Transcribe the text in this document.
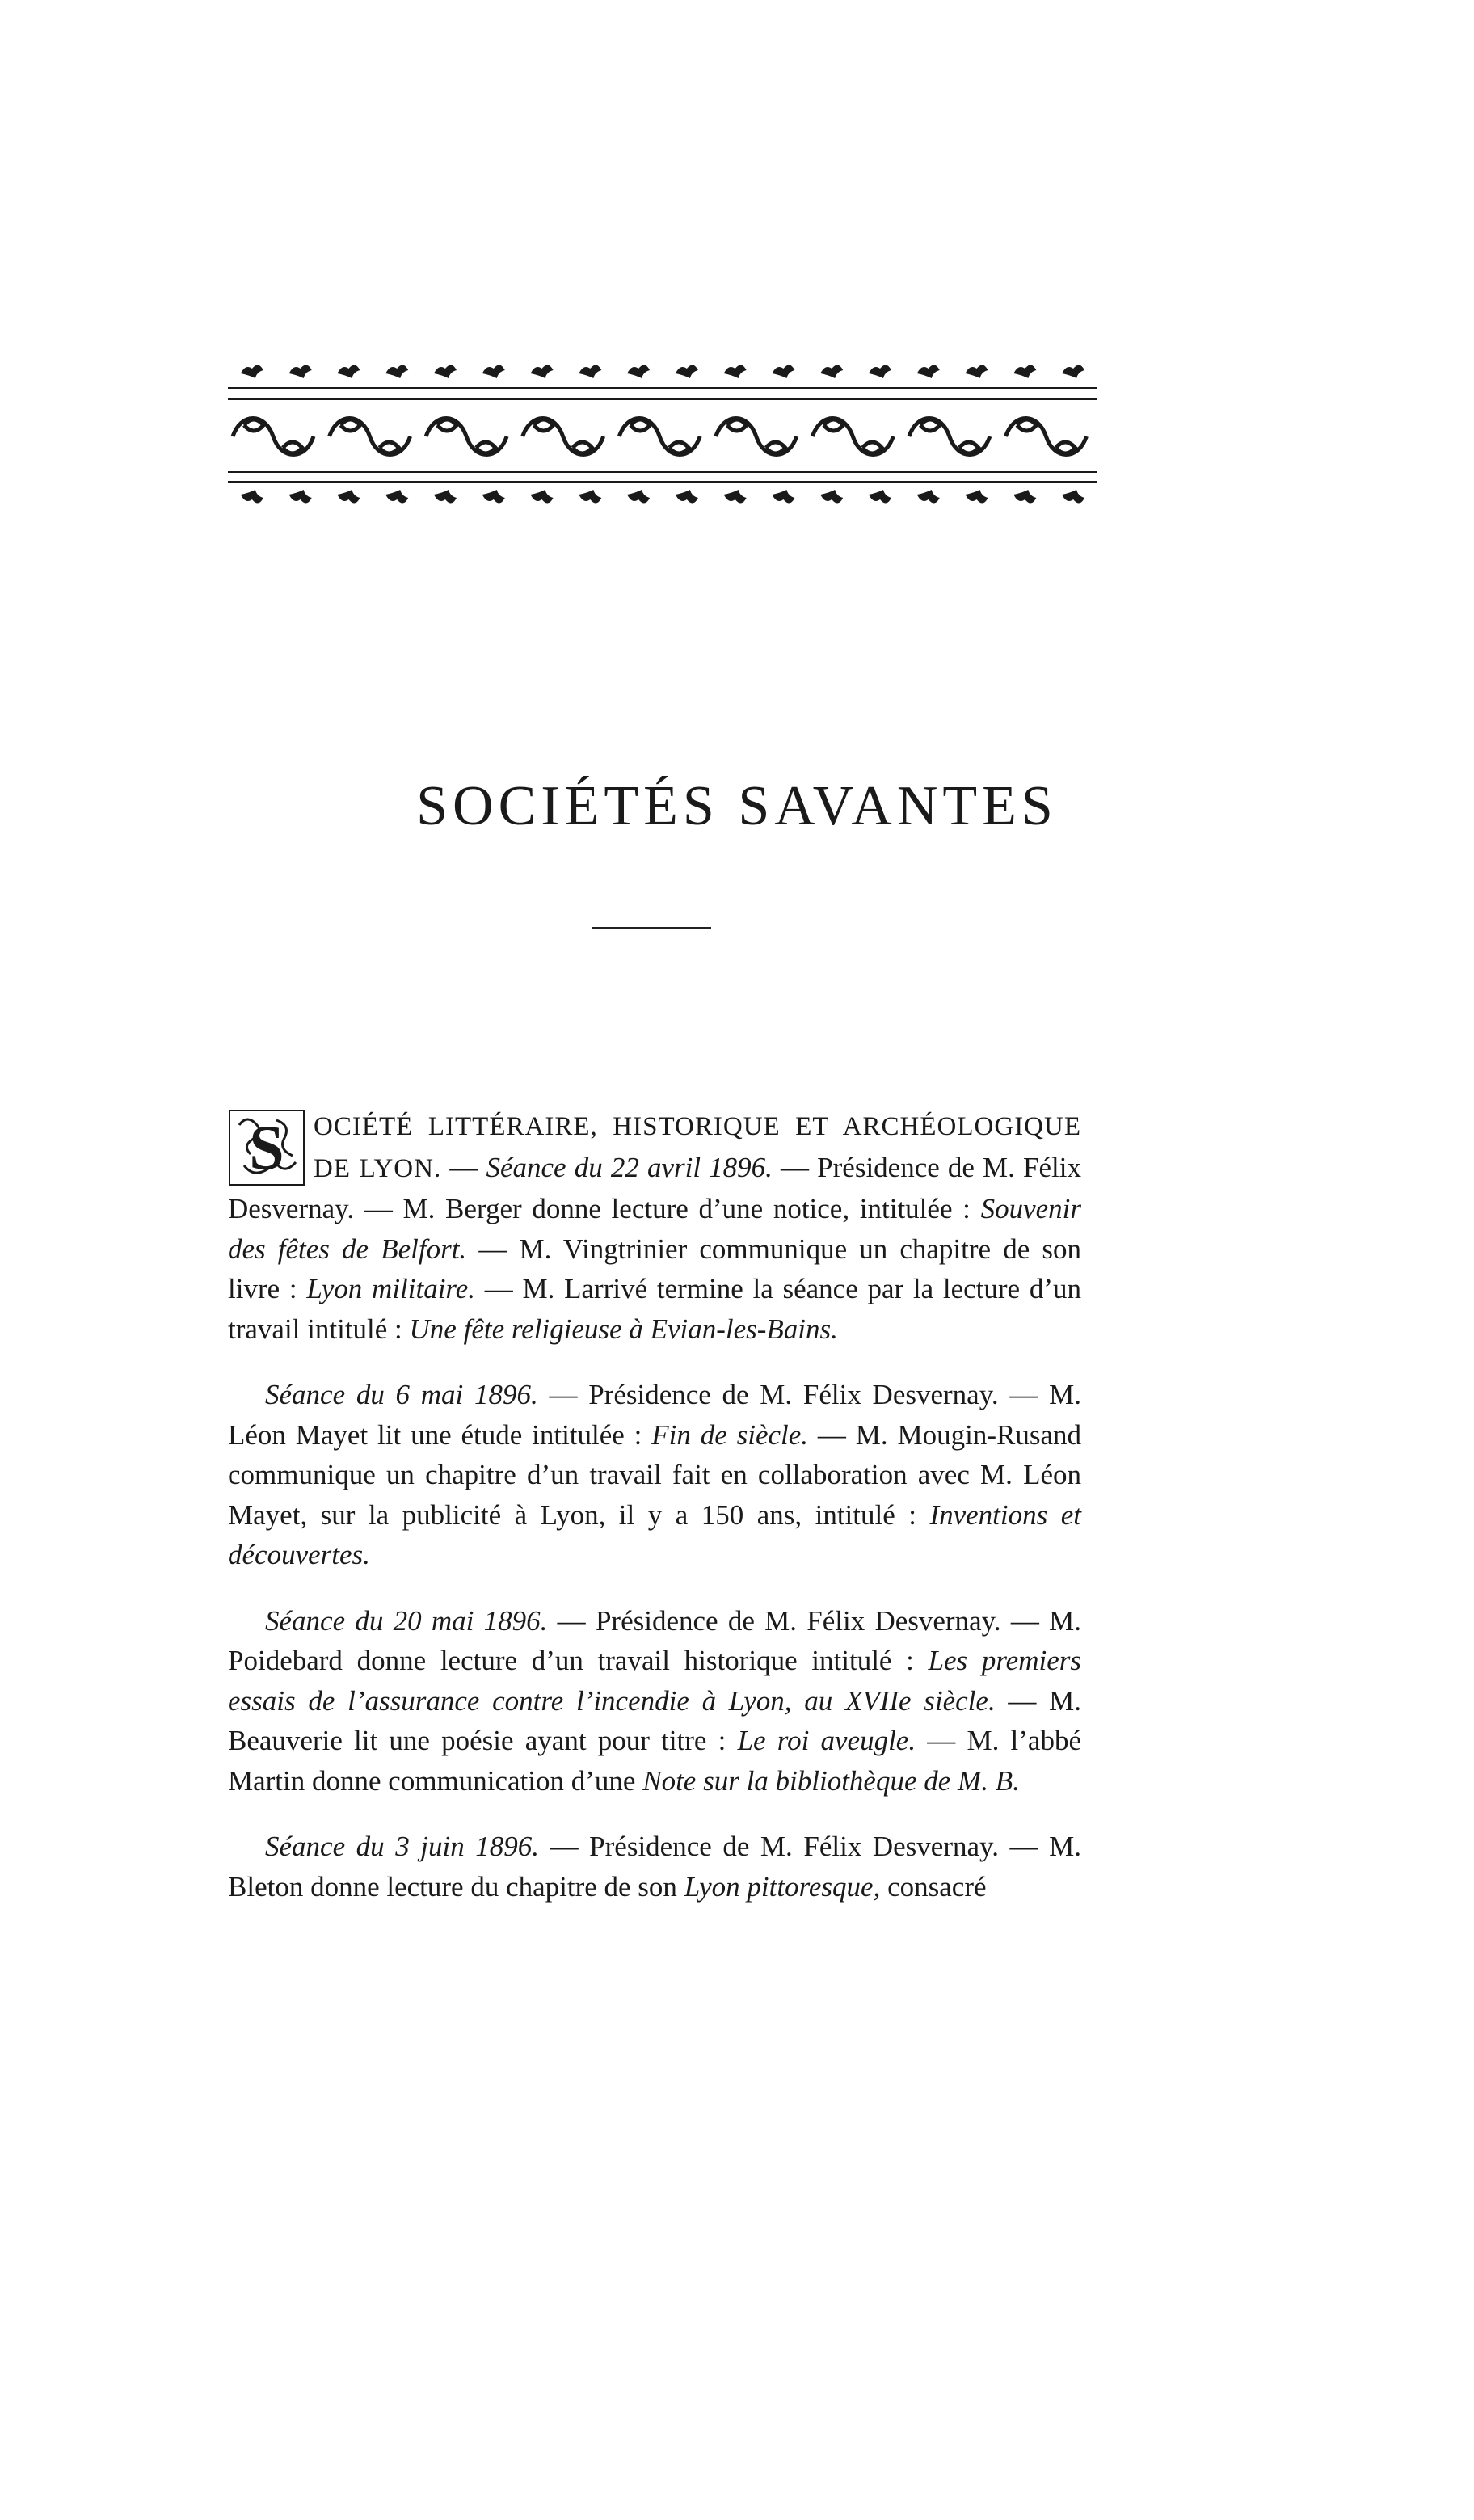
SOCIÉTÉS SAVANTES

S OCIÉTÉ LITTÉRAIRE, HISTORIQUE ET ARCHÉOLOGIQUE DE LYON. — Séance du 22 avril 1896. — Présidence de M. Félix Desvernay. — M. Berger donne lecture d’une notice, intitulée : Souvenir des fêtes de Belfort. — M. Vingtrinier communique un chapitre de son livre : Lyon militaire. — M. Larrivé termine la séance par la lecture d’un travail intitulé : Une fête religieuse à Evian-les-Bains.

Séance du 6 mai 1896. — Présidence de M. Félix Desvernay. — M. Léon Mayet lit une étude intitulée : Fin de siècle. — M. Mougin-Rusand communique un chapitre d’un travail fait en collaboration avec M. Léon Mayet, sur la publicité à Lyon, il y a 150 ans, intitulé : Inventions et découvertes.

Séance du 20 mai 1896. — Présidence de M. Félix Desvernay. — M. Poidebard donne lecture d’un travail historique intitulé : Les premiers essais de l’assurance contre l’incendie à Lyon, au XVIIe siècle. — M. Beauverie lit une poésie ayant pour titre : Le roi aveugle. — M. l’abbé Martin donne communication d’une Note sur la bibliothèque de M. B.

Séance du 3 juin 1896. — Présidence de M. Félix Desvernay. — M. Bleton donne lecture du chapitre de son Lyon pittoresque, consacré
